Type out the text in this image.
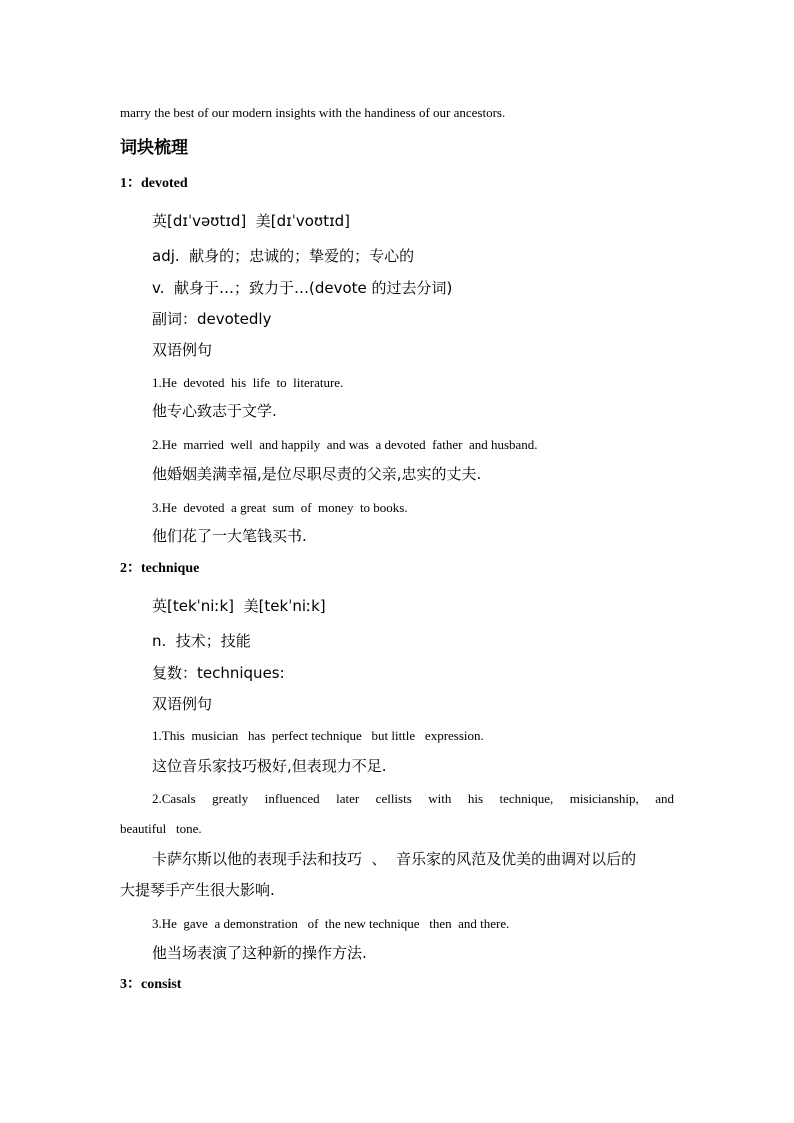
marry the best of our modern insights with the handiness of our ancestors.
词块梳理
1：devoted
英[dɪˈvəʊtɪd]  美[dɪˈvoʊtɪd]
adj.  献身的；忠诚的；挚爱的；专心的
v.  献身于…；致力于…(devote 的过去分词)
副词：devotedly
双语例句
1.He  devoted  his  life  to  literature.
他专心致志于文学.
2.He  married  well  and happily  and was  a devoted  father  and husband.
他婚姻美满幸福,是位尽职尽责的父亲,忠实的丈夫.
3.He  devoted  a great  sum  of  money  to books.
他们花了一大笔钱买书.
2：technique
英[tekˈniːk]  美[tekˈniːk]
n.  技术；技能
复数：techniques:
双语例句
1.This  musician   has  perfect technique   but little   expression.
这位音乐家技巧极好,但表现力不足.
2.Casals greatly influenced later cellists with his technique, misicianship, and
beautiful   tone.
卡萨尔斯以他的表现手法和技巧  、  音乐家的风范及优美的曲调对以后的
大提琴手产生很大影响.
3.He  gave  a demonstration   of  the new technique   then  and there.
他当场表演了这种新的操作方法.
3：consist
